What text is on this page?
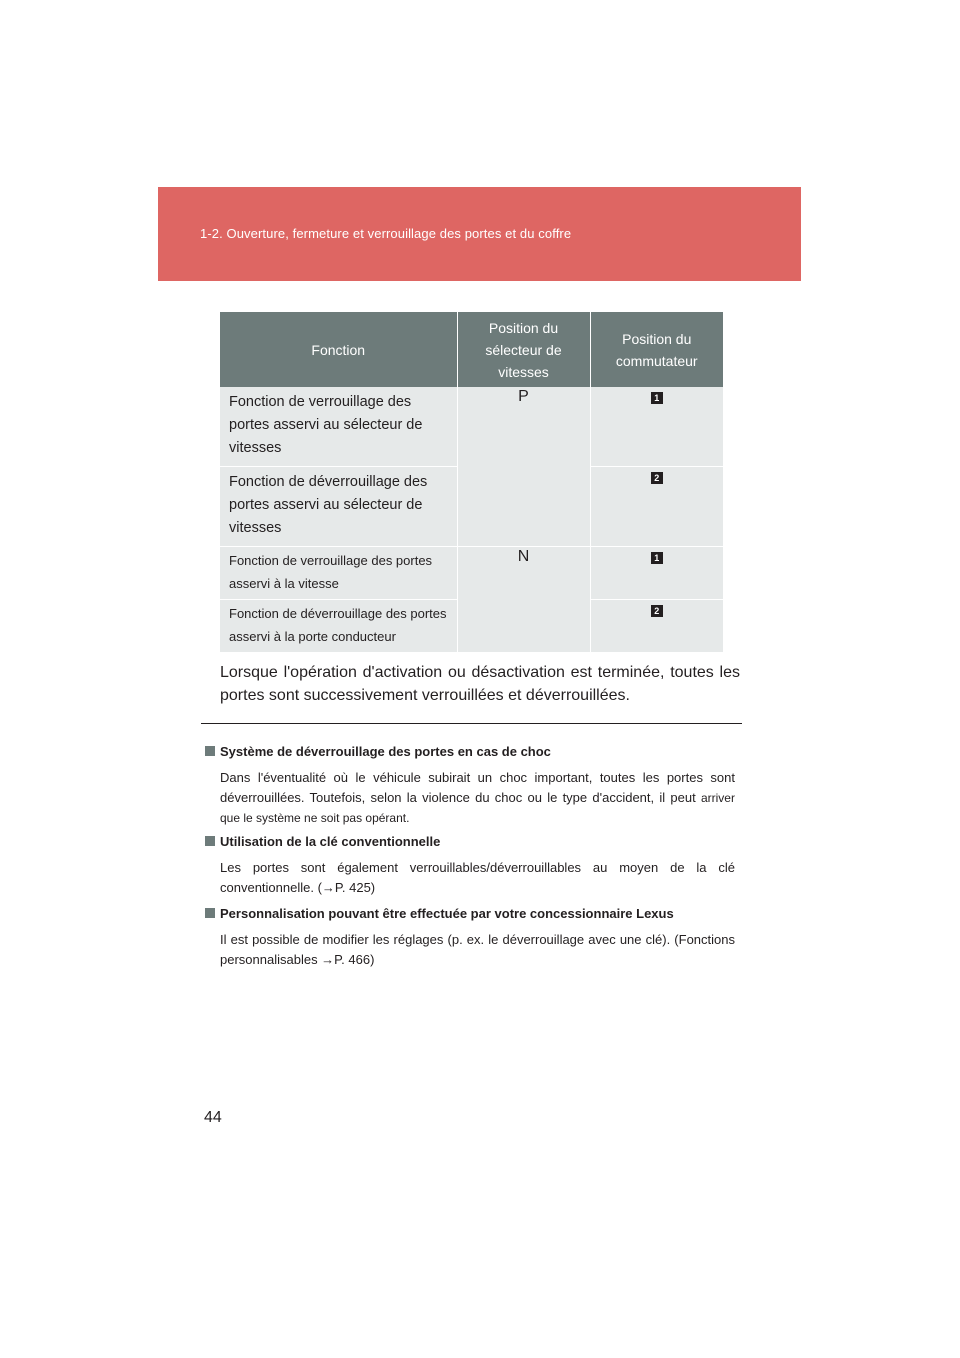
1-2. Ouverture, fermeture et verrouillage des portes et du coffre
Fonction	Position du sélecteur de vitesses	Position du commutateur
Fonction de verrouillage des portes asservi au sélecteur de vitesses	P	1
Fonction de déverrouillage des portes asservi au sélecteur de vitesses		2
Fonction de verrouillage des portes asservi à la vitesse	N	1
Fonction de déverrouillage des portes asservi à la porte conducteur		2
Lorsque l'opération d'activation ou désactivation est terminée, toutes les portes sont successivement verrouillées et déverrouillées.
Système de déverrouillage des portes en cas de choc
Dans l'éventualité où le véhicule subirait un choc important, toutes les portes sont déverrouillées. Toutefois, selon la violence du choc ou le type d'accident, il peut arriver que le système ne soit pas opérant.
Utilisation de la clé conventionnelle
Les portes sont également verrouillables/déverrouillables au moyen de la clé conventionnelle. (→P. 425)
Personnalisation pouvant être effectuée par votre concessionnaire Lexus
Il est possible de modifier les réglages (p. ex. le déverrouillage avec une clé). (Fonctions personnalisables →P. 466)
44
